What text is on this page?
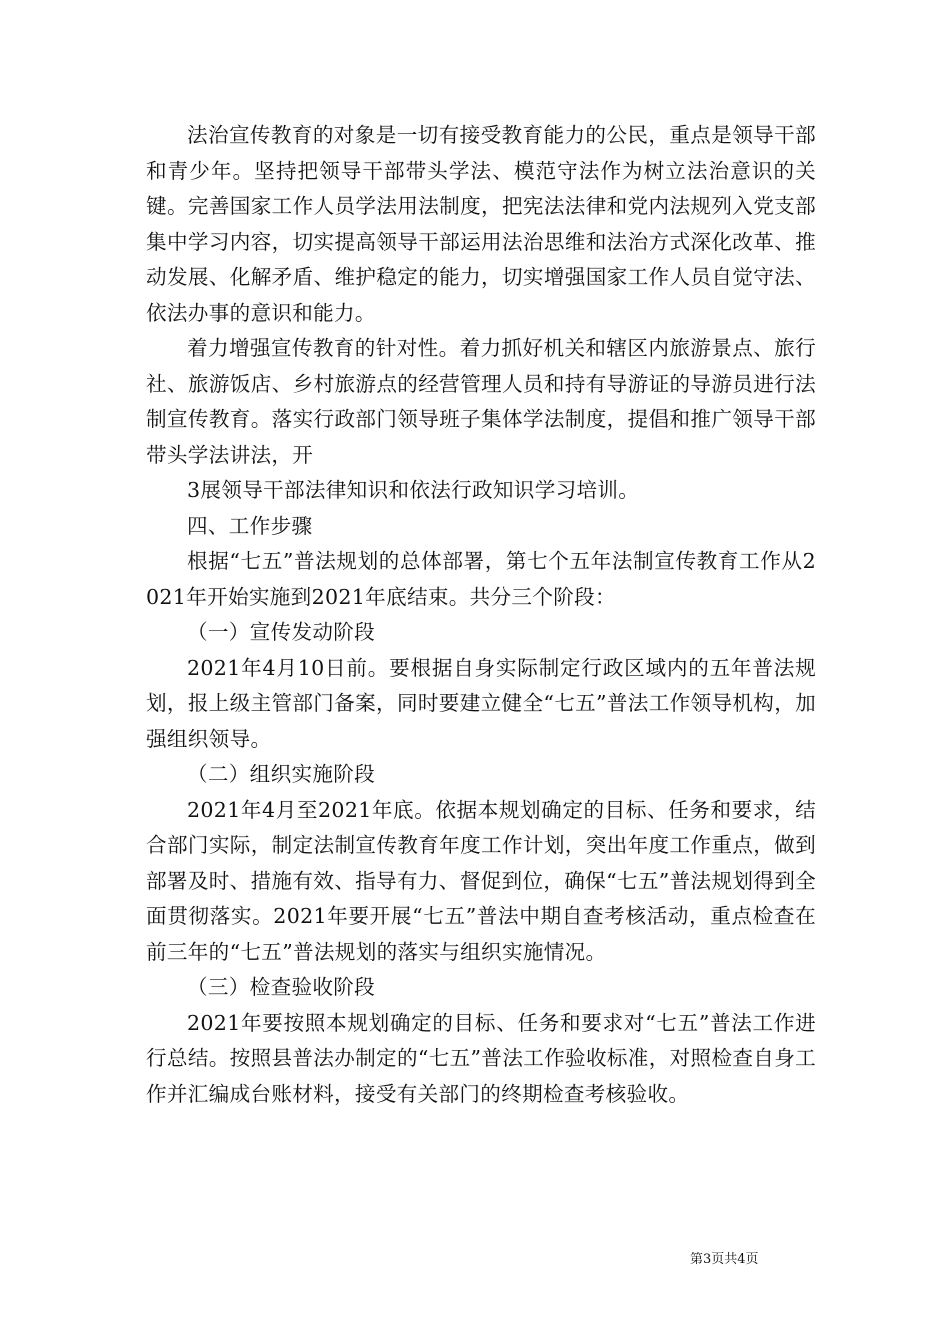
法治宣传教育的对象是一切有接受教育能力的公民，重点是领导干部和青少年。坚持把领导干部带头学法、模范守法作为树立法治意识的关键。完善国家工作人员学法用法制度，把宪法法律和党内法规列入党支部集中学习内容，切实提高领导干部运用法治思维和法治方式深化改革、推动发展、化解矛盾、维护稳定的能力，切实增强国家工作人员自觉守法、依法办事的意识和能力。

着力增强宣传教育的针对性。着力抓好机关和辖区内旅游景点、旅行社、旅游饭店、乡村旅游点的经营管理人员和持有导游证的导游员进行法制宣传教育。落实行政部门领导班子集体学法制度，提倡和推广领导干部带头学法讲法，开

3展领导干部法律知识和依法行政知识学习培训。

四、工作步骤

根据“七五”普法规划的总体部署，第七个五年法制宣传教育工作从2021年开始实施到2021年底结束。共分三个阶段：

（一）宣传发动阶段

2021年4月10日前。要根据自身实际制定行政区域内的五年普法规划，报上级主管部门备案，同时要建立健全“七五”普法工作领导机构，加强组织领导。

（二）组织实施阶段

2021年4月至2021年底。依据本规划确定的目标、任务和要求，结合部门实际，制定法制宣传教育年度工作计划，突出年度工作重点，做到部署及时、措施有效、指导有力、督促到位，确保“七五”普法规划得到全面贯彻落实。2021年要开展“七五”普法中期自查考核活动，重点检查在前三年的“七五”普法规划的落实与组织实施情况。

（三）检查验收阶段

2021年要按照本规划确定的目标、任务和要求对“七五”普法工作进行总结。按照县普法办制定的“七五”普法工作验收标准，对照检查自身工作并汇编成台账材料，接受有关部门的终期检查考核验收。

第3页共4页
